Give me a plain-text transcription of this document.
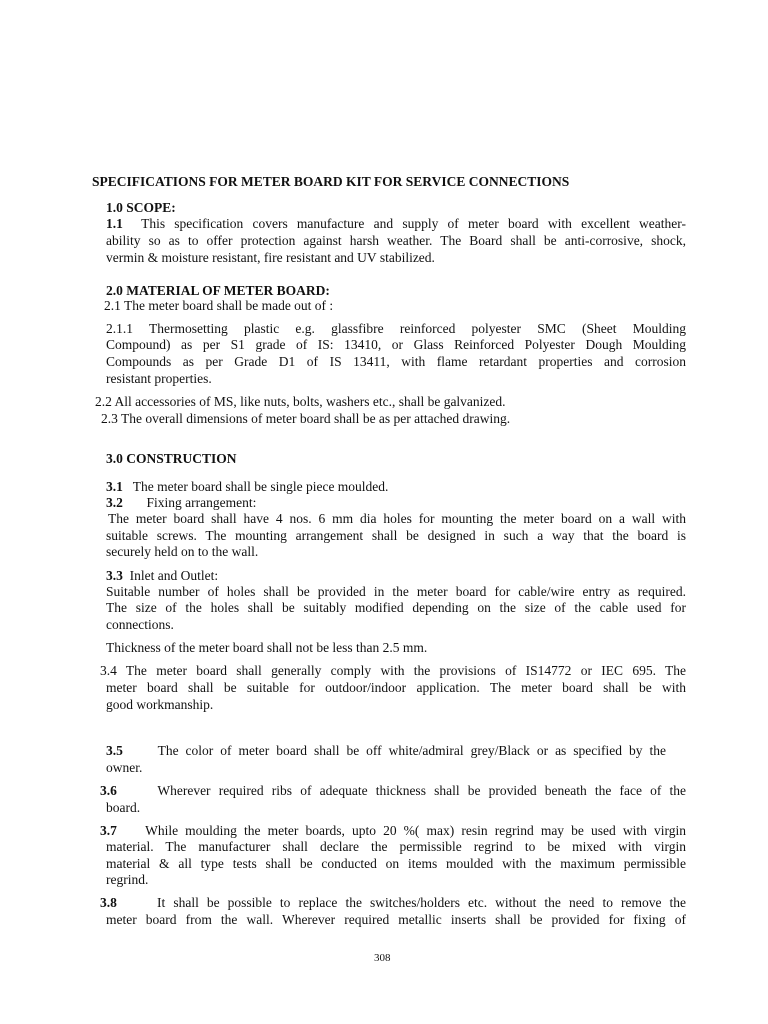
SPECIFICATIONS FOR METER BOARD KIT FOR SERVICE CONNECTIONS
1.0 SCOPE:
1.1 This specification covers manufacture and supply of meter board with excellent weather-
ability so as to offer protection against harsh weather. The Board shall be anti-corrosive, shock,
vermin & moisture resistant, fire resistant and UV stabilized.
2.0 MATERIAL OF METER BOARD:
2.1 The meter board shall be made out of :
2.1.1 Thermosetting plastic e.g. glassfibre reinforced polyester SMC (Sheet Moulding
Compound) as per S1 grade of IS: 13410, or Glass Reinforced Polyester Dough Moulding
Compounds as per Grade D1 of IS 13411, with flame retardant properties and corrosion
resistant properties.
2.2 All accessories of MS, like nuts, bolts, washers etc., shall be galvanized.
2.3 The overall dimensions of meter board shall be as per attached drawing.
3.0 CONSTRUCTION
3.1 The meter board shall be single piece moulded.
3.2 Fixing arrangement:
The meter board shall have 4 nos. 6 mm dia holes for mounting the meter board on a wall with
suitable screws. The mounting arrangement shall be designed in such a way that the board is
securely held on to the wall.
3.3 Inlet and Outlet:
Suitable number of holes shall be provided in the meter board for cable/wire entry as required.
The size of the holes shall be suitably modified depending on the size of the cable used for
connections.
Thickness of the meter board shall not be less than 2.5 mm.
3.4 The meter board shall generally comply with the provisions of IS14772 or IEC 695. The
meter board shall be suitable for outdoor/indoor application. The meter board shall be with
good workmanship.
3.5	The color of meter board shall be off white/admiral grey/Black or as specified by the
owner.
3.6	Wherever required ribs of adequate thickness shall be provided beneath the face of the
board.
3.7 While moulding the meter boards, upto 20 %( max) resin regrind may be used with virgin
material. The manufacturer shall declare the permissible regrind to be mixed with virgin
material & all type tests shall be conducted on items moulded with the maximum permissible
regrind.
3.8	It shall be possible to replace the switches/holders etc. without the need to remove the
meter board from the wall. Wherever required metallic inserts shall be provided for fixing of
308
